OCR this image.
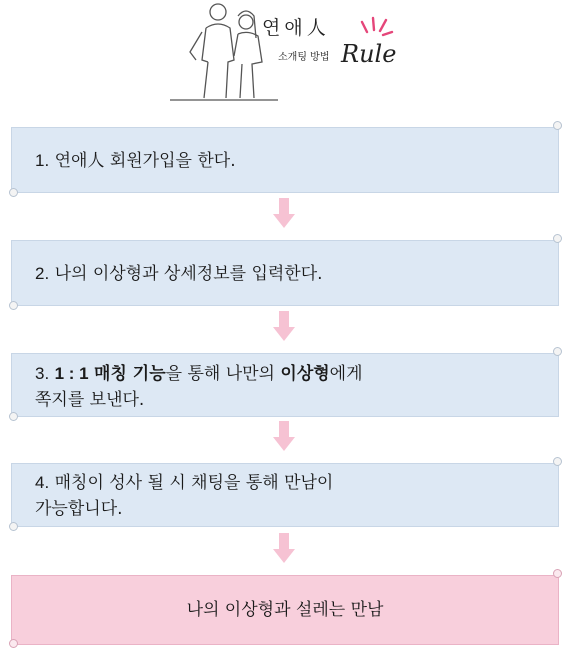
연애人
소개팅 방법 Rule
1. 연애人 회원가입을 한다.
2. 나의 이상형과 상세정보를 입력한다.
3. 1 : 1 매칭 기능을 통해 나만의 이상형에게
쪽지를 보낸다.
4. 매칭이 성사 될 시 채팅을 통해 만남이
가능합니다.
나의 이상형과 설레는 만남
